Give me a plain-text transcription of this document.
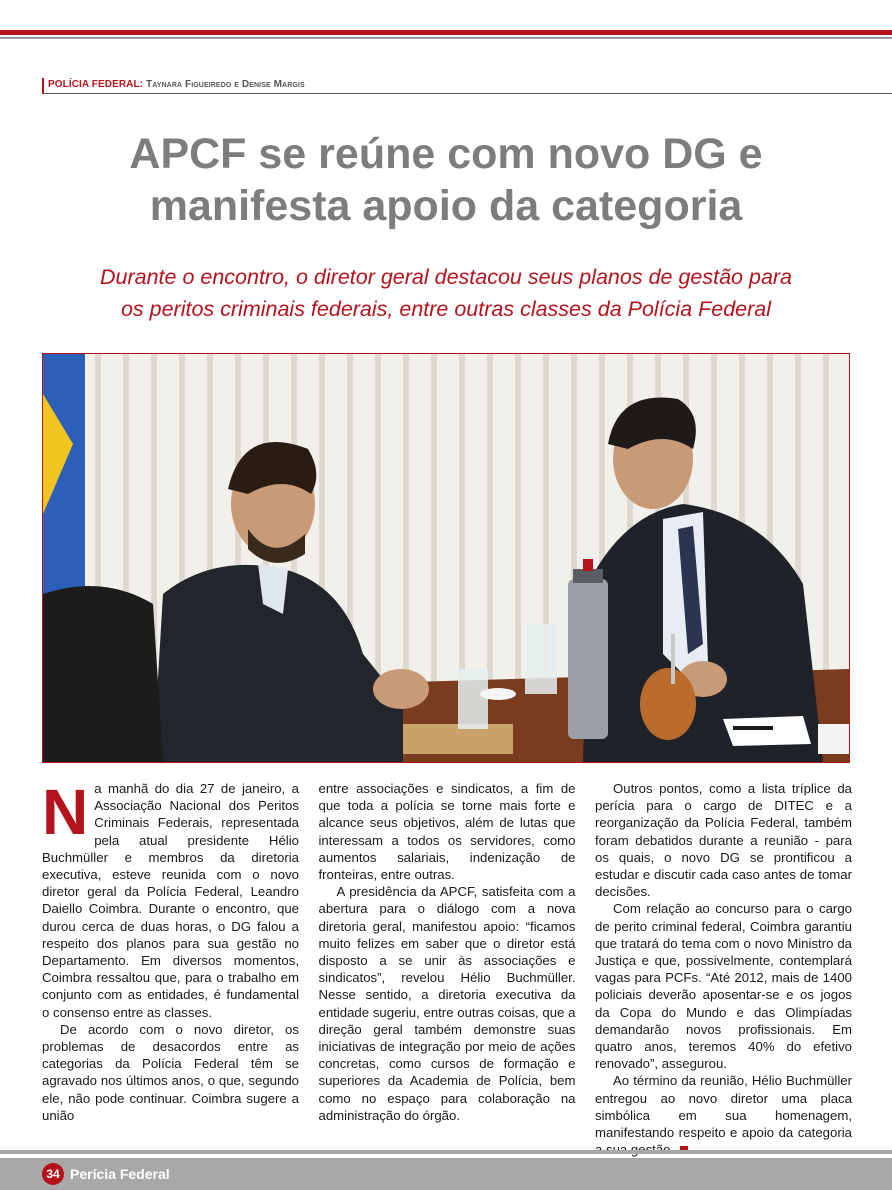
POLÍCIA FEDERAL: Taynara Figueiredo e Denise Margis
APCF se reúne com novo DG e
manifesta apoio da categoria

Durante o encontro, o diretor geral destacou seus planos de gestão para
os peritos criminais federais, entre outras classes da Polícia Federal

Na manhã do dia 27 de janeiro, a Associação Nacional dos Peritos Criminais Federais, representada pela atual presidente Hélio Buchmüller e membros da diretoria executiva, esteve reunida com o novo diretor geral da Polícia Federal, Leandro Daiello Coimbra. Durante o encontro, que durou cerca de duas horas, o DG falou a respeito dos planos para sua gestão no Departamento. Em diversos momentos, Coimbra ressaltou que, para o trabalho em conjunto com as entidades, é fundamental o consenso entre as classes.

De acordo com o novo diretor, os problemas de desacordos entre as categorias da Polícia Federal têm se agravado nos últimos anos, o que, segundo ele, não pode continuar. Coimbra sugere a união

entre associações e sindicatos, a fim de que toda a polícia se torne mais forte e alcance seus objetivos, além de lutas que interessam a todos os servidores, como aumentos salariais, indenização de fronteiras, entre outras.

A presidência da APCF, satisfeita com a abertura para o diálogo com a nova diretoria geral, manifestou apoio: “ficamos muito felizes em saber que o diretor está disposto a se unir às associações e sindicatos”, revelou Hélio Buchmüller. Nesse sentido, a diretoria executiva da entidade sugeriu, entre outras coisas, que a direção geral também demonstre suas iniciativas de integração por meio de ações concretas, como cursos de formação e superiores da Academia de Polícia, bem como no espaço para colaboração na administração do órgão.

Outros pontos, como a lista tríplice da perícia para o cargo de DITEC e a reorganização da Polícia Federal, também foram debatidos durante a reunião - para os quais, o novo DG se prontificou a estudar e discutir cada caso antes de tomar decisões.

Com relação ao concurso para o cargo de perito criminal federal, Coimbra garantiu que tratará do tema com o novo Ministro da Justiça e que, possivelmente, contemplará vagas para PCFs. “Até 2012, mais de 1400 policiais deverão aposentar-se e os jogos da Copa do Mundo e das Olimpíadas demandarão novos profissionais. Em quatro anos, teremos 40% do efetivo renovado”, assegurou.

Ao término da reunião, Hélio Buchmüller entregou ao novo diretor uma placa simbólica em sua homenagem, manifestando respeito e apoio da categoria

34 Perícia Federal
